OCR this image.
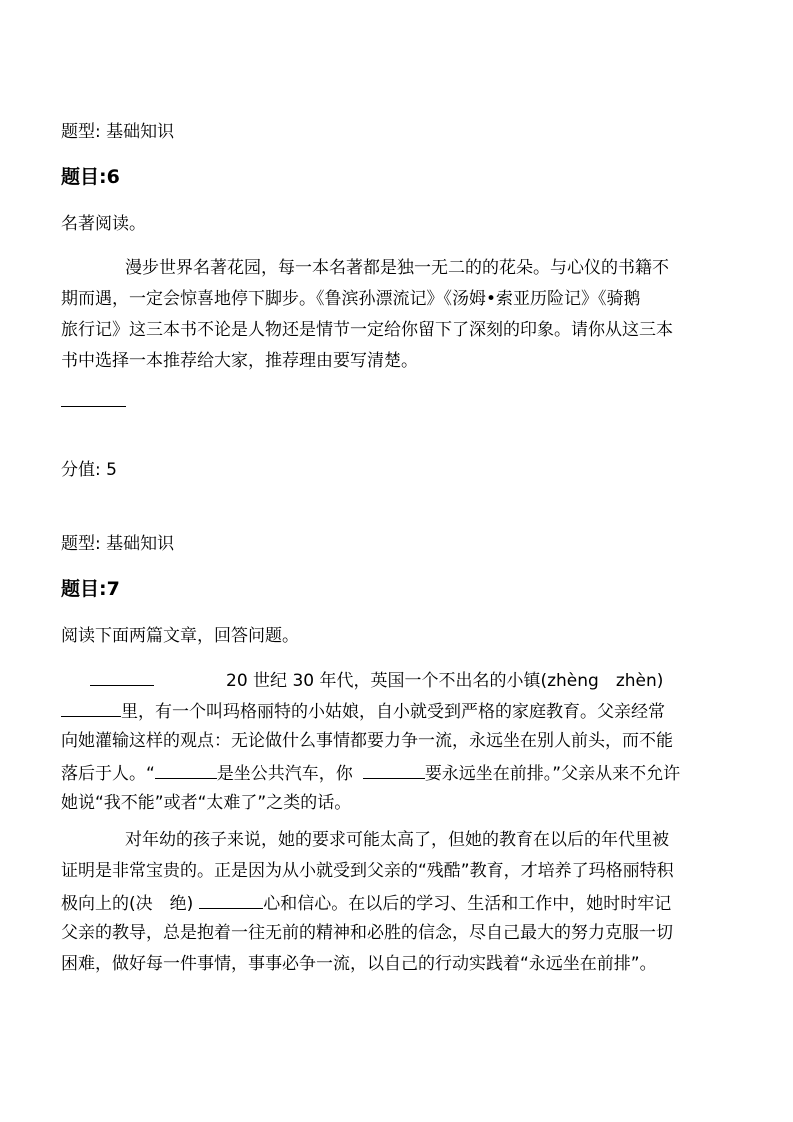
题型: 基础知识
题目:6
名著阅读。
漫步世界名著花园，每一本名著都是独一无二的的花朵。与心仪的书籍不
期而遇，一定会惊喜地停下脚步。《鲁滨孙漂流记》《汤姆•索亚历险记》《骑鹅
旅行记》这三本书不论是人物还是情节一定给你留下了深刻的印象。请你从这三本
书中选择一本推荐给大家，推荐理由要写清楚。
分值: 5
题型: 基础知识
题目:7
阅读下面两篇文章，回答问题。
20 世纪 30 年代，英国一个不出名的小镇(zhèng　zhèn)
里，有一个叫玛格丽特的小姑娘，自小就受到严格的家庭教育。父亲经常
向她灌输这样的观点：无论做什么事情都要力争一流，永远坐在别人前头，而不能
落后于人。“	是坐公共汽车，你	要永远坐在前排。”父亲从来不允许
她说“我不能”或者“太难了”之类的话。
对年幼的孩子来说，她的要求可能太高了，但她的教育在以后的年代里被
证明是非常宝贵的。正是因为从小就受到父亲的“残酷”教育，才培养了玛格丽特积
极向上的(决　绝)	心和信心。在以后的学习、生活和工作中，她时时牢记
父亲的教导，总是抱着一往无前的精神和必胜的信念，尽自己最大的努力克服一切
困难，做好每一件事情，事事必争一流，以自己的行动实践着“永远坐在前排”。
